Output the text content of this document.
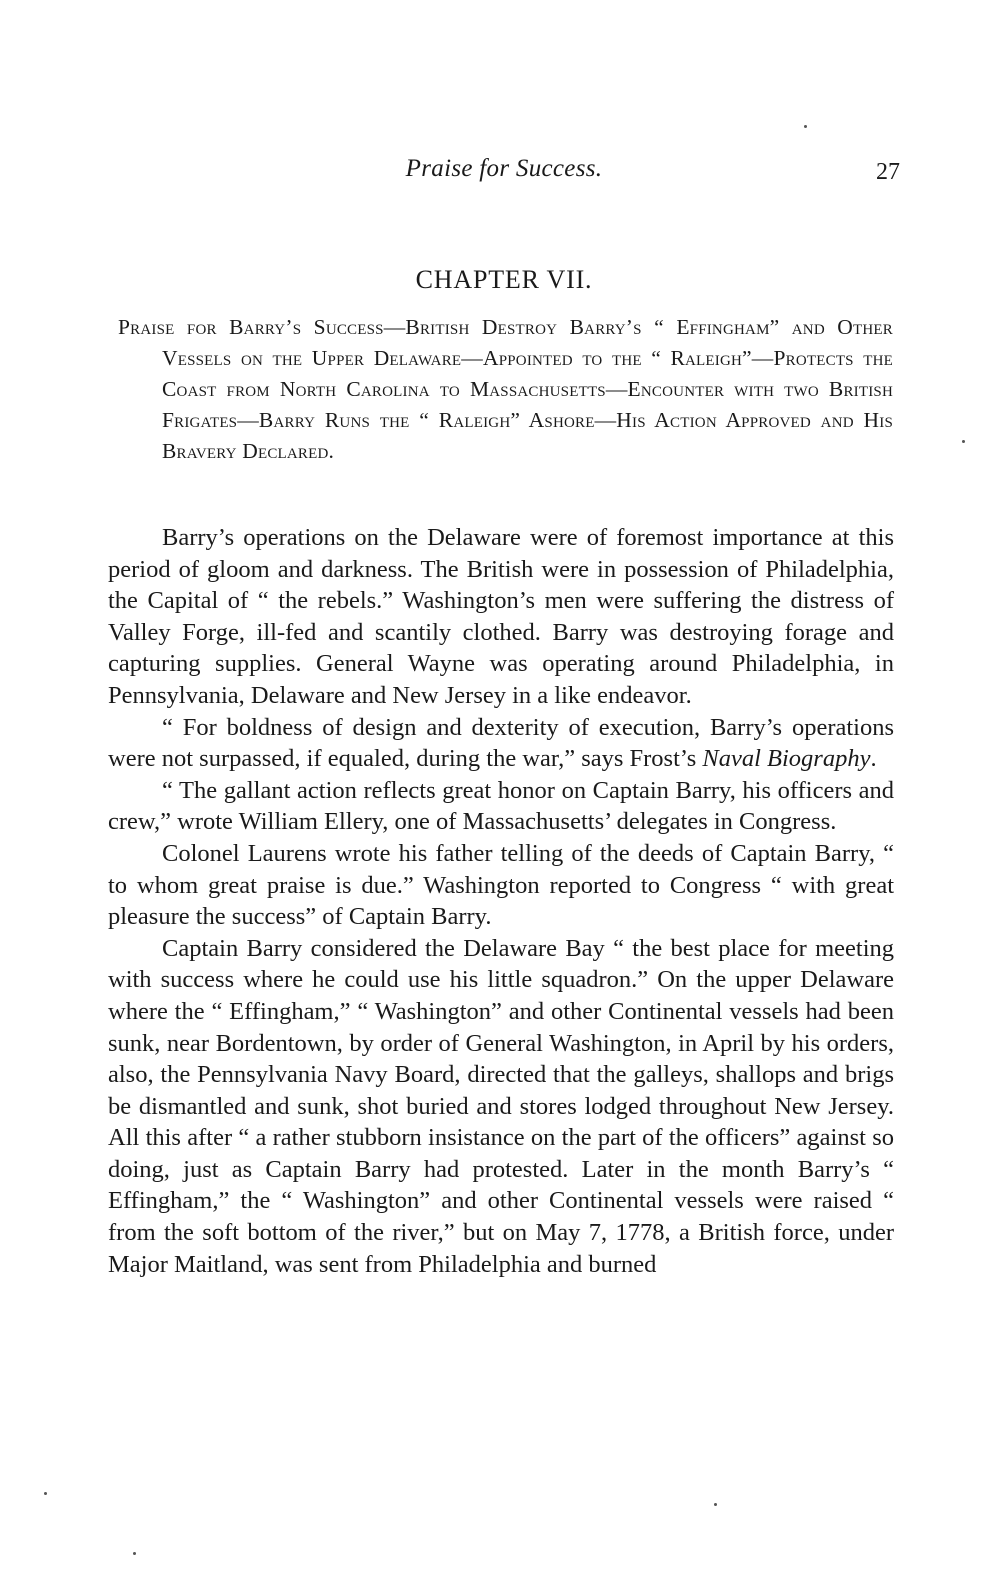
Praise for Success.	27
CHAPTER VII.
Praise for Barry’s Success—British Destroy Barry’s “ Effingham” and Other Vessels on the Upper Delaware—Appointed to the “ Raleigh”—Protects the Coast from North Carolina to Massachusetts—Encounter with two British Frigates—Barry Runs the “ Raleigh” Ashore—His Action Approved and His Bravery Declared.

Barry’s operations on the Delaware were of foremost importance at this period of gloom and darkness. The British were in possession of Philadelphia, the Capital of “ the rebels.” Washington’s men were suffering the distress of Valley Forge, ill-fed and scantily clothed. Barry was destroying forage and capturing supplies. General Wayne was operating around Philadelphia, in Pennsylvania, Delaware and New Jersey in a like endeavor.

“ For boldness of design and dexterity of execution, Barry’s operations were not surpassed, if equaled, during the war,” says Frost’s Naval Biography.

“ The gallant action reflects great honor on Captain Barry, his officers and crew,” wrote William Ellery, one of Massachusetts’ delegates in Congress.

Colonel Laurens wrote his father telling of the deeds of Captain Barry, “ to whom great praise is due.” Washington reported to Congress “ with great pleasure the success” of Captain Barry.

Captain Barry considered the Delaware Bay “ the best place for meeting with success where he could use his little squadron.” On the upper Delaware where the “ Effingham,” “ Washington” and other Continental vessels had been sunk, near Bordentown, by order of General Washington, in April by his orders, also, the Pennsylvania Navy Board, directed that the galleys, shallops and brigs be dismantled and sunk, shot buried and stores lodged throughout New Jersey. All this after “ a rather stubborn insistance on the part of the officers” against so doing, just as Captain Barry had protested. Later in the month Barry’s “ Effingham,” the “ Washington” and other Continental vessels were raised “ from the soft bottom of the river,” but on May 7, 1778, a British force, under Major Maitland, was sent from Philadelphia and burned
